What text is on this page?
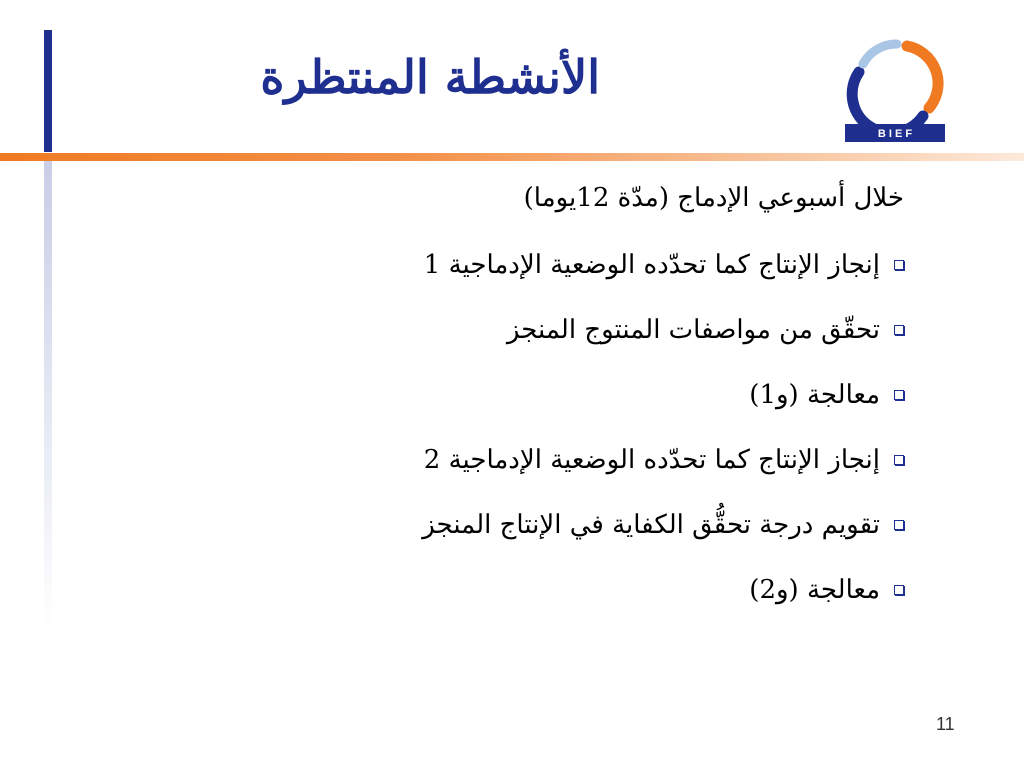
الأنشطة المنتظرة
B I E F

خلال أسبوعي الإدماج (مدّة 12يوما)

إنجاز الإنتاج كما تحدّده الوضعية الإدماجية 1
تحقّق من مواصفات المنتوج المنجز
معالجة (و1)
إنجاز الإنتاج كما تحدّده الوضعية الإدماجية 2
تقويم درجة تحقُّق الكفاية في الإنتاج المنجز
معالجة (و2)
11
